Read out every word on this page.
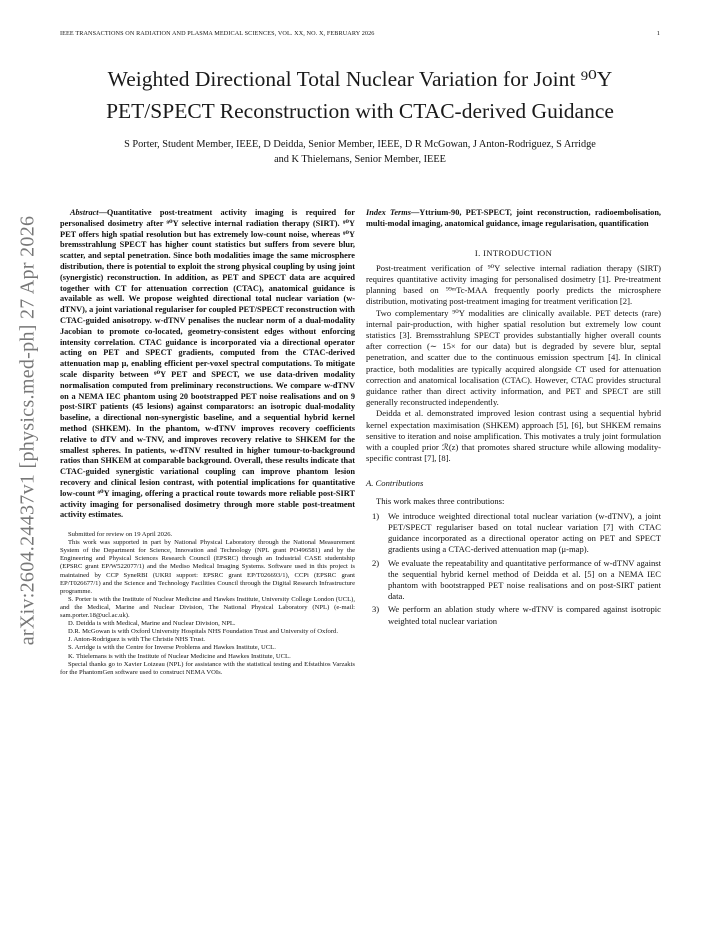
IEEE TRANSACTIONS ON RADIATION AND PLASMA MEDICAL SCIENCES, VOL. XX, NO. X, FEBRUARY 2026	1
arXiv:2604.24437v1 [physics.med-ph] 27 Apr 2026
Weighted Directional Total Nuclear Variation for Joint ⁹⁰Y
PET/SPECT Reconstruction with CTAC-derived Guidance
S Porter, Student Member, IEEE, D Deidda, Senior Member, IEEE, D R McGowan, J Anton-Rodriguez, S Arridge
and K Thielemans, Senior Member, IEEE

Abstract—Quantitative post-treatment activity imaging is required for personalised dosimetry after ⁹⁰Y selective internal radiation therapy (SIRT). ⁹⁰Y PET offers high spatial resolution but has extremely low-count noise, whereas ⁹⁰Y bremsstrahlung SPECT has higher count statistics but suffers from severe blur, scatter, and septal penetration. Since both modalities image the same microsphere distribution, there is potential to exploit the strong physical coupling by using joint (synergistic) reconstruction. In addition, as PET and SPECT data are acquired together with CT for attenuation correction (CTAC), anatomical guidance is available as well. We propose weighted directional total nuclear variation (w-dTNV), a joint variational regulariser for coupled PET/SPECT reconstruction with CTAC-guided anisotropy. w-dTNV penalises the nuclear norm of a dual-modality Jacobian to promote co-located, geometry-consistent edges without enforcing intensity correlation. CTAC guidance is incorporated via a directional operator acting on PET and SPECT gradients, computed from the CTAC-derived attenuation map μ, enabling efficient per-voxel spectral computations. To mitigate scale disparity between ⁹⁰Y PET and SPECT, we use data-driven modality normalisation computed from preliminary reconstructions. We compare w-dTNV on a NEMA IEC phantom using 20 bootstrapped PET noise realisations and on 9 post-SIRT patients (45 lesions) against comparators: an isotropic dual-modality baseline, a directional non-synergistic baseline, and a sequential hybrid kernel method (SHKEM). In the phantom, w-dTNV improves recovery coefficients relative to dTV and w-TNV, and improves recovery relative to SHKEM for the smallest spheres. In patients, w-dTNV resulted in higher tumour-to-background ratios than SHKEM at comparable background. Overall, these results indicate that CTAC-guided synergistic variational coupling can improve phantom lesion recovery and clinical lesion contrast, with potential implications for quantitative low-count ⁹⁰Y imaging, offering a practical route towards more reliable post-SIRT activity imaging for personalised dosimetry through more stable post-treatment activity estimates.

Submitted for review on 19 April 2026.

This work was supported in part by National Physical Laboratory through the National Measurement System of the Department for Science, Innovation and Technology (NPL grant PO496581) and by the Engineering and Physical Sciences Research Council (EPSRC) through an Industrial CASE studentship (EPSRC grant EP/W522077/1) and the Mediso Medical Imaging Systems. Software used in this project is maintained by CCP SyneRBI (UKRI support: EPSRC grant EP/T026693/1), CCPi (EPSRC grant EP/T026677/1) and the Science and Technology Facilities Council through the Digital Research Infrastructure programme.

S. Porter is with the Institute of Nuclear Medicine and Hawkes Institute, University College London (UCL), and the Medical, Marine and Nuclear Division, The National Physical Laboratory (NPL) (e-mail: sam.porter.18@ucl.ac.uk).

D. Deidda is with Medical, Marine and Nuclear Division, NPL.

D.R. McGowan is with Oxford University Hospitals NHS Foundation Trust and University of Oxford.

J. Anton-Rodriguez is with The Christie NHS Trust.

S. Arridge is with the Centre for Inverse Problems and Hawkes Institute, UCL.

K. Thielemans is with the Institute of Nuclear Medicine and Hawkes Institute, UCL.

Special thanks go to Xavier Loizeau (NPL) for assistance with the statistical testing and Efstathios Varzakis for the PhantomGen software used to construct NEMA VOIs.

Index Terms—Yttrium-90, PET-SPECT, joint reconstruction, radioembolisation, multi-modal imaging, anatomical guidance, image regularisation, quantification

I. INTRODUCTION

Post-treatment verification of ⁹⁰Y selective internal radiation therapy (SIRT) requires quantitative activity imaging for personalised dosimetry [1]. Pre-treatment planning based on ⁹⁹ᵐTc-MAA frequently poorly predicts the microsphere distribution, motivating post-treatment imaging for treatment verification [2].

Two complementary ⁹⁰Y modalities are clinically available. PET detects (rare) internal pair-production, with higher spatial resolution but extremely low count statistics [3]. Bremsstrahlung SPECT provides substantially higher overall counts after correction (∼ 15× for our data) but is degraded by severe blur, septal penetration, and scatter due to the continuous emission spectrum [4]. In clinical practice, both modalities are typically acquired alongside CT used for attenuation correction and anatomical localisation (CTAC). However, CTAC provides structural guidance rather than direct activity information, and PET and SPECT are still generally reconstructed independently.

Deidda et al. demonstrated improved lesion contrast using a sequential hybrid kernel expectation maximisation (SHKEM) approach [5], [6], but SHKEM remains sensitive to iteration and noise amplification. This motivates a truly joint formulation with a coupled prior ℛ(z) that promotes shared structure while allowing modality-specific contrast [7], [8].

A. Contributions

This work makes three contributions:

1) We introduce weighted directional total nuclear variation (w-dTNV), a joint PET/SPECT regulariser based on total nuclear variation [7] with CTAC guidance incorporated as a directional operator acting on PET and SPECT gradients using a CTAC-derived attenuation map (μ-map).
2) We evaluate the repeatability and quantitative performance of w-dTNV against the sequential hybrid kernel method of Deidda et al. [5] on a NEMA IEC phantom with bootstrapped PET noise realisations and on post-SIRT patient data.
3) We perform an ablation study where w-dTNV is compared against isotropic weighted total nuclear variation
